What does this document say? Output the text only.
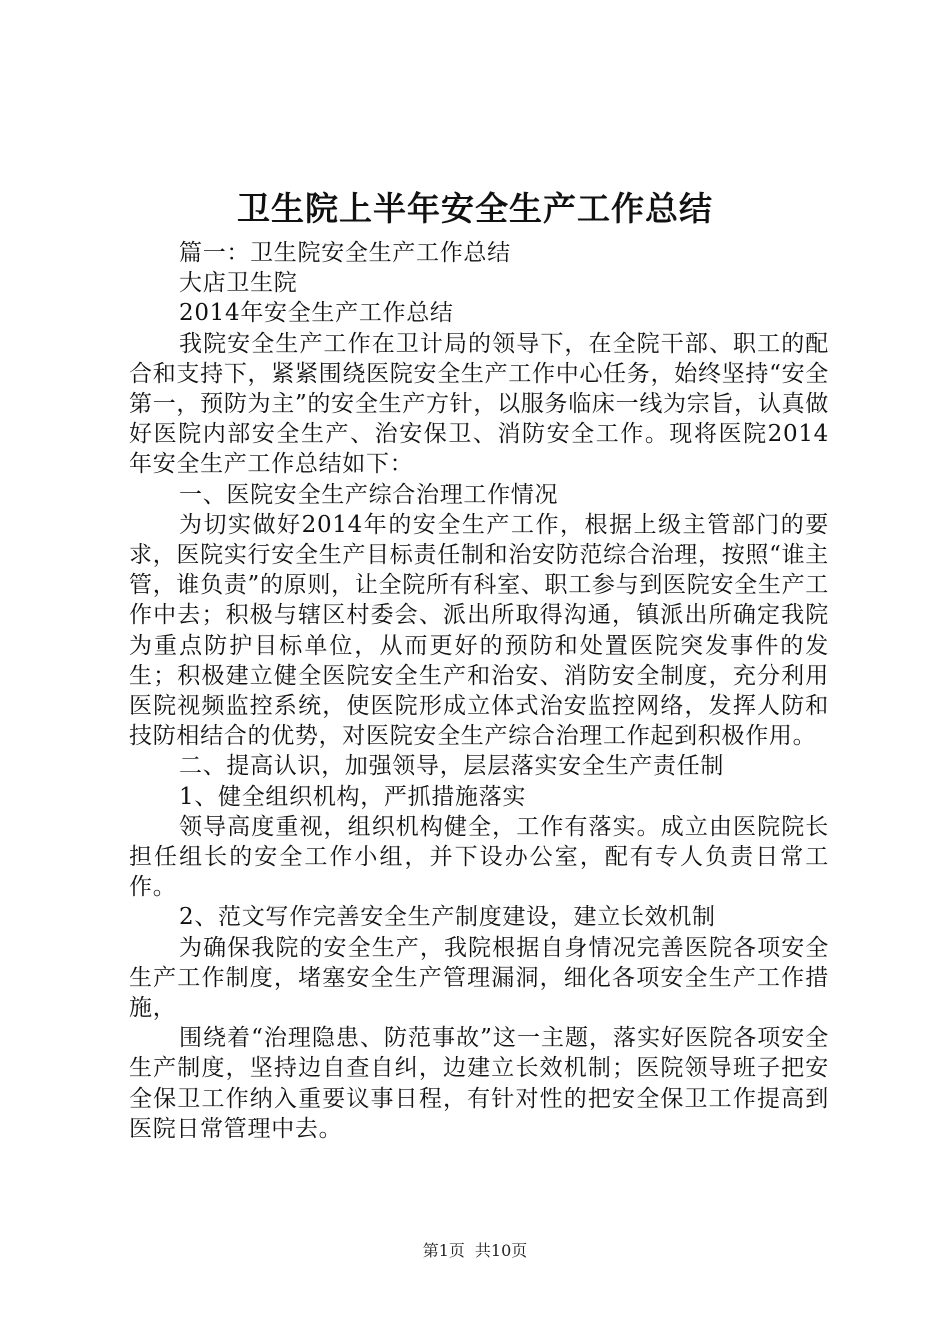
卫生院上半年安全生产工作总结

篇一：卫生院安全生产工作总结

大店卫生院

2014年安全生产工作总结

我院安全生产工作在卫计局的领导下，在全院干部、职工的配合和支持下，紧紧围绕医院安全生产工作中心任务，始终坚持“安全第一，预防为主”的安全生产方针，以服务临床一线为宗旨，认真做好医院内部安全生产、治安保卫、消防安全工作。现将医院2014年安全生产工作总结如下：

一、医院安全生产综合治理工作情况

为切实做好2014年的安全生产工作，根据上级主管部门的要求，医院实行安全生产目标责任制和治安防范综合治理，按照“谁主管，谁负责”的原则，让全院所有科室、职工参与到医院安全生产工作中去；积极与辖区村委会、派出所取得沟通，镇派出所确定我院为重点防护目标单位，从而更好的预防和处置医院突发事件的发生；积极建立健全医院安全生产和治安、消防安全制度，充分利用医院视频监控系统，使医院形成立体式治安监控网络，发挥人防和技防相结合的优势，对医院安全生产综合治理工作起到积极作用。

二、提高认识，加强领导，层层落实安全生产责任制

1、健全组织机构，严抓措施落实

领导高度重视，组织机构健全，工作有落实。成立由医院院长担任组长的安全工作小组，并下设办公室，配有专人负责日常工作。

2、范文写作完善安全生产制度建设，建立长效机制

为确保我院的安全生产，我院根据自身情况完善医院各项安全生产工作制度，堵塞安全生产管理漏洞，细化各项安全生产工作措施，

围绕着“治理隐患、防范事故”这一主题，落实好医院各项安全生产制度，坚持边自查自纠，边建立长效机制；医院领导班子把安全保卫工作纳入重要议事日程，有针对性的把安全保卫工作提高到医院日常管理中去。

第1页 共10页
